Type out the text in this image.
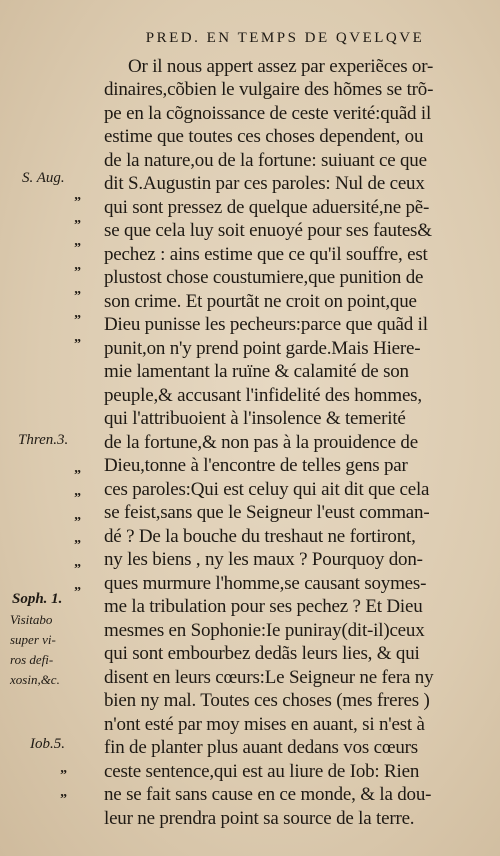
PRED. EN TEMPS DE QVELQVE
S. Aug.
Thren.3.
Soph. 1.
Visitabo
super vi-
ros defi-
xosin,&c.
Iob.5.
”
”
”
”
”
”
”
”
”
”
”
”
”
”
”
Or il nous appert assez par experiẽces or-
dinaires,cõbien le vulgaire des hõmes se trõ-
pe en la cõgnoissance de ceste verité:quãd il
estime que toutes ces choses dependent, ou
de la nature,ou de la fortune: suiuant ce que
dit S.Augustin par ces paroles: Nul de ceux
qui sont pressez de quelque aduersité,ne pẽ-
se que cela luy soit enuoyé pour ses fautes&
pechez : ains estime que ce qu'il souffre, est
plustost chose coustumiere,que punition de
son crime. Et pourtãt ne croit on point,que
Dieu punisse les pecheurs:parce que quãd il
punit,on n'y prend point garde.Mais Hiere-
mie lamentant la ruïne & calamité de son
peuple,& accusant l'infidelité des hommes,
qui l'attribuoient à l'insolence & temerité
de la fortune,& non pas à la prouidence de
Dieu,tonne à l'encontre de telles gens par
ces paroles:Qui est celuy qui ait dit que cela
se feist,sans que le Seigneur l'eust comman-
dé ? De la bouche du treshaut ne fortiront,
ny les biens , ny les maux ? Pourquoy don-
ques murmure l'homme,se causant soymes-
me la tribulation pour ses pechez ? Et Dieu
mesmes en Sophonie:Ie puniray(dit-il)ceux
qui sont embourbez dedãs leurs lies, & qui
disent en leurs cœurs:Le Seigneur ne fera ny
bien ny mal. Toutes ces choses (mes freres )
n'ont esté par moy mises en auant, si n'est à
fin de planter plus auant dedans vos cœurs
ceste sentence,qui est au liure de Iob: Rien
ne se fait sans cause en ce monde, & la dou-
leur ne prendra point sa source de la terre.
